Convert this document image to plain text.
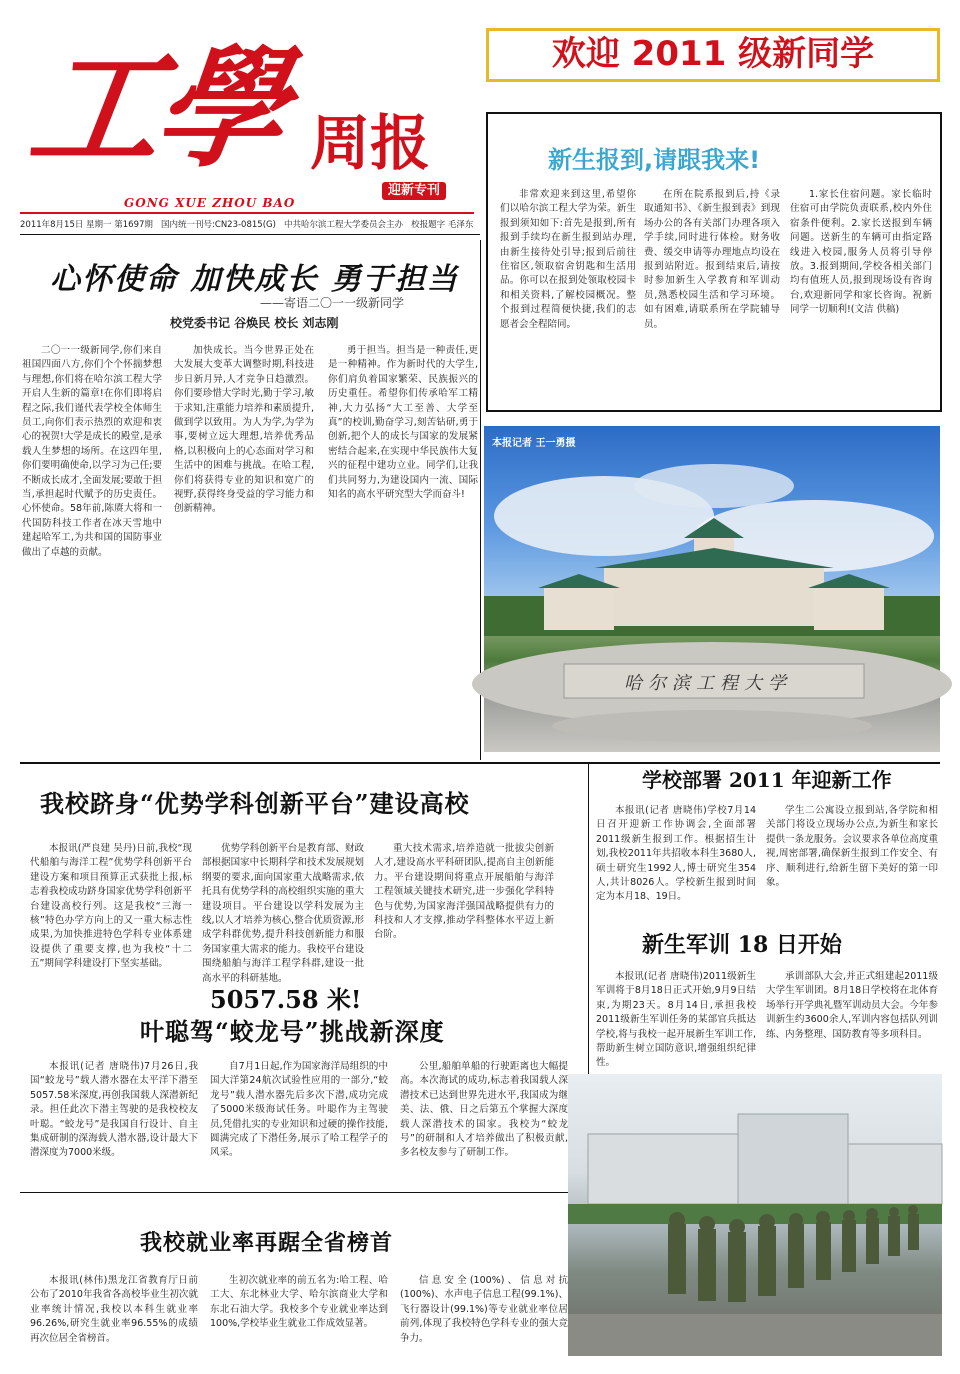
工學 周报
迎新专刊
GONG XUE ZHOU BAO
2011年8月15日 星期一 第1697期 国内统一刊号:CN23-0815(G) 中共哈尔滨工程大学委员会主办 校报题字 毛泽东
欢迎 2011 级新同学
新生报到,请跟我来!
非常欢迎来到这里,希望你们以哈尔滨工程大学为荣。新生报到须知如下:首先是报到,所有报到手续均在新生报到站办理,由新生接待处引导;报到后前往住宿区,领取宿舍钥匙和生活用品。你可以在报到处领取校园卡和相关资料,了解校园概况。整个报到过程简便快捷,我们的志愿者会全程陪同。
在所在院系报到后,持《录取通知书》、《新生报到表》到现场办公的各有关部门办理各项入学手续,同时进行体检。财务收费、缓交申请等办理地点均设在报到站附近。报到结束后,请按时参加新生入学教育和军训动员,熟悉校园生活和学习环境。如有困难,请联系所在学院辅导员。
1.家长住宿问题。家长临时住宿可由学院负责联系,校内外住宿条件便利。2.家长送报到车辆问题。送新生的车辆可由指定路线进入校园,服务人员将引导停放。3.报到期间,学校各相关部门均有值班人员,报到现场设有咨询台,欢迎新同学和家长咨询。祝新同学一切顺利!(文洁 供稿)
心怀使命 加快成长 勇于担当
——寄语二〇一一级新同学
校党委书记 谷焕民 校长 刘志刚
二〇一一级新同学,你们来自祖国四面八方,你们个个怀揣梦想与理想,你们将在哈尔滨工程大学开启人生新的篇章!在你们即将启程之际,我们谨代表学校全体师生员工,向你们表示热烈的欢迎和衷心的祝贺!大学是成长的殿堂,是承载人生梦想的场所。在这四年里,你们要明确使命,以学习为己任;要不断成长成才,全面发展;要敢于担当,承担起时代赋予的历史责任。心怀使命。58年前,陈赓大将和一代国防科技工作者在冰天雪地中建起哈军工,为共和国的国防事业做出了卓越的贡献。
加快成长。当今世界正处在大发展大变革大调整时期,科技进步日新月异,人才竞争日趋激烈。你们要珍惜大学时光,勤于学习,敏于求知,注重能力培养和素质提升,做到学以致用。为人为学,为学为事,要树立远大理想,培养优秀品格,以积极向上的心态面对学习和生活中的困难与挑战。在哈工程,你们将获得专业的知识和宽广的视野,获得终身受益的学习能力和创新精神。
勇于担当。担当是一种责任,更是一种精神。作为新时代的大学生,你们肩负着国家繁荣、民族振兴的历史重任。希望你们传承哈军工精神,大力弘扬“大工至善、大学至真”的校训,勤奋学习,刻苦钻研,勇于创新,把个人的成长与国家的发展紧密结合起来,在实现中华民族伟大复兴的征程中建功立业。同学们,让我们共同努力,为建设国内一流、国际知名的高水平研究型大学而奋斗!
本报记者 王一勇摄
哈尔滨工程大学
我校跻身“优势学科创新平台”建设高校
本报讯(严良建 吴丹)日前,我校“现代船舶与海洋工程”优势学科创新平台建设方案和项目预算正式获批上报,标志着我校成功跻身国家优势学科创新平台建设高校行列。这是我校“三海一核”特色办学方向上的又一重大标志性成果,为加快推进特色学科专业体系建设提供了重要支撑,也为我校“十二五”期间学科建设打下坚实基础。
优势学科创新平台是教育部、财政部根据国家中长期科学和技术发展规划纲要的要求,面向国家重大战略需求,依托具有优势学科的高校组织实施的重大建设项目。平台建设以学科发展为主线,以人才培养为核心,整合优质资源,形成学科群优势,提升科技创新能力和服务国家重大需求的能力。我校平台建设围绕船舶与海洋工程学科群,建设一批高水平的科研基地。
重大技术需求,培养造就一批拔尖创新人才,建设高水平科研团队,提高自主创新能力。平台建设期间将重点开展船舶与海洋工程领域关键技术研究,进一步强化学科特色与优势,为国家海洋强国战略提供有力的科技和人才支撑,推动学科整体水平迈上新台阶。
5057.58 米!
叶聪驾“蛟龙号”挑战新深度
本报讯(记者 唐晓伟)7月26日,我国“蛟龙号”载人潜水器在太平洋下潜至5057.58米深度,再创我国载人深潜新纪录。担任此次下潜主驾驶的是我校校友叶聪。“蛟龙号”是我国自行设计、自主集成研制的深海载人潜水器,设计最大下潜深度为7000米级。
自7月1日起,作为国家海洋局组织的中国大洋第24航次试验性应用的一部分,“蛟龙号”载人潜水器先后多次下潜,成功完成了5000米级海试任务。叶聪作为主驾驶员,凭借扎实的专业知识和过硬的操作技能,圆满完成了下潜任务,展示了哈工程学子的风采。
公里,船舶单船的行驶距离也大幅提高。本次海试的成功,标志着我国载人深潜技术已达到世界先进水平,我国成为继美、法、俄、日之后第五个掌握大深度载人深潜技术的国家。我校为“蛟龙号”的研制和人才培养做出了积极贡献,多名校友参与了研制工作。
我校就业率再踞全省榜首
本报讯(林伟)黑龙江省教育厅日前公布了2010年我省各高校毕业生初次就业率统计情况,我校以本科生就业率96.26%,研究生就业率96.55%的成绩再次位居全省榜首。
生初次就业率的前五名为:哈工程、哈工大、东北林业大学、哈尔滨商业大学和东北石油大学。我校多个专业就业率达到100%,学校毕业生就业工作成效显著。
信息安全(100%)、信息对抗(100%)、水声电子信息工程(99.1%)、飞行器设计(99.1%)等专业就业率位居前列,体现了我校特色学科专业的强大竞争力。
学校部署 2011 年迎新工作
本报讯(记者 唐晓伟)学校7月14日召开迎新工作协调会,全面部署2011级新生报到工作。根据招生计划,我校2011年共招收本科生3680人,硕士研究生1992人,博士研究生354人,共计8026人。学校新生报到时间定为本月18、19日。
学生二公寓设立报到站,各学院和相关部门将设立现场办公点,为新生和家长提供一条龙服务。会议要求各单位高度重视,周密部署,确保新生报到工作安全、有序、顺利进行,给新生留下美好的第一印象。
新生军训 18 日开始
本报讯(记者 唐晓伟)2011级新生军训将于8月18日正式开始,9月9日结束,为期23天。8月14日,承担我校2011级新生军训任务的某部官兵抵达学校,将与我校一起开展新生军训工作,帮助新生树立国防意识,增强组织纪律性。
承训部队大会,并正式组建起2011级大学生军训团。8月18日学校将在北体育场举行开学典礼暨军训动员大会。今年参训新生约3600余人,军训内容包括队列训练、内务整理、国防教育等多项科目。
